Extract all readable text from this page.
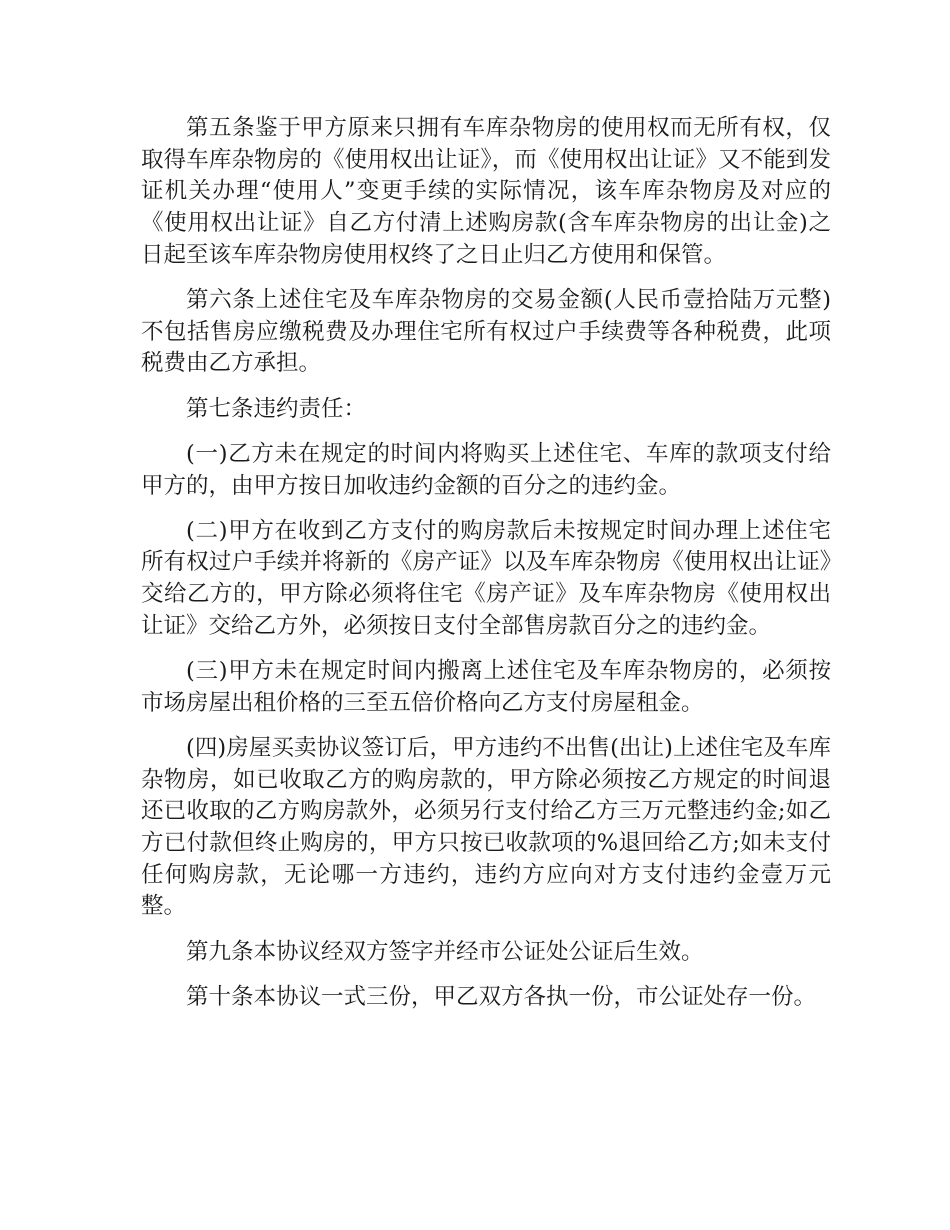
第五条鉴于甲方原来只拥有车库杂物房的使用权而无所有权，仅取得车库杂物房的《使用权出让证》，而《使用权出让证》又不能到发证机关办理“使用人”变更手续的实际情况，该车库杂物房及对应的《使用权出让证》自乙方付清上述购房款(含车库杂物房的出让金)之日起至该车库杂物房使用权终了之日止归乙方使用和保管。

第六条上述住宅及车库杂物房的交易金额(人民币壹拾陆万元整)不包括售房应缴税费及办理住宅所有权过户手续费等各种税费，此项税费由乙方承担。

第七条违约责任：

(一)乙方未在规定的时间内将购买上述住宅、车库的款项支付给甲方的，由甲方按日加收违约金额的百分之的违约金。

(二)甲方在收到乙方支付的购房款后未按规定时间办理上述住宅所有权过户手续并将新的《房产证》以及车库杂物房《使用权出让证》交给乙方的，甲方除必须将住宅《房产证》及车库杂物房《使用权出让证》交给乙方外，必须按日支付全部售房款百分之的违约金。

(三)甲方未在规定时间内搬离上述住宅及车库杂物房的，必须按市场房屋出租价格的三至五倍价格向乙方支付房屋租金。

(四)房屋买卖协议签订后，甲方违约不出售(出让)上述住宅及车库杂物房，如已收取乙方的购房款的，甲方除必须按乙方规定的时间退还已收取的乙方购房款外，必须另行支付给乙方三万元整违约金;如乙方已付款但终止购房的，甲方只按已收款项的%退回给乙方;如未支付任何购房款，无论哪一方违约，违约方应向对方支付违约金壹万元整。

第九条本协议经双方签字并经市公证处公证后生效。

第十条本协议一式三份，甲乙双方各执一份，市公证处存一份。
